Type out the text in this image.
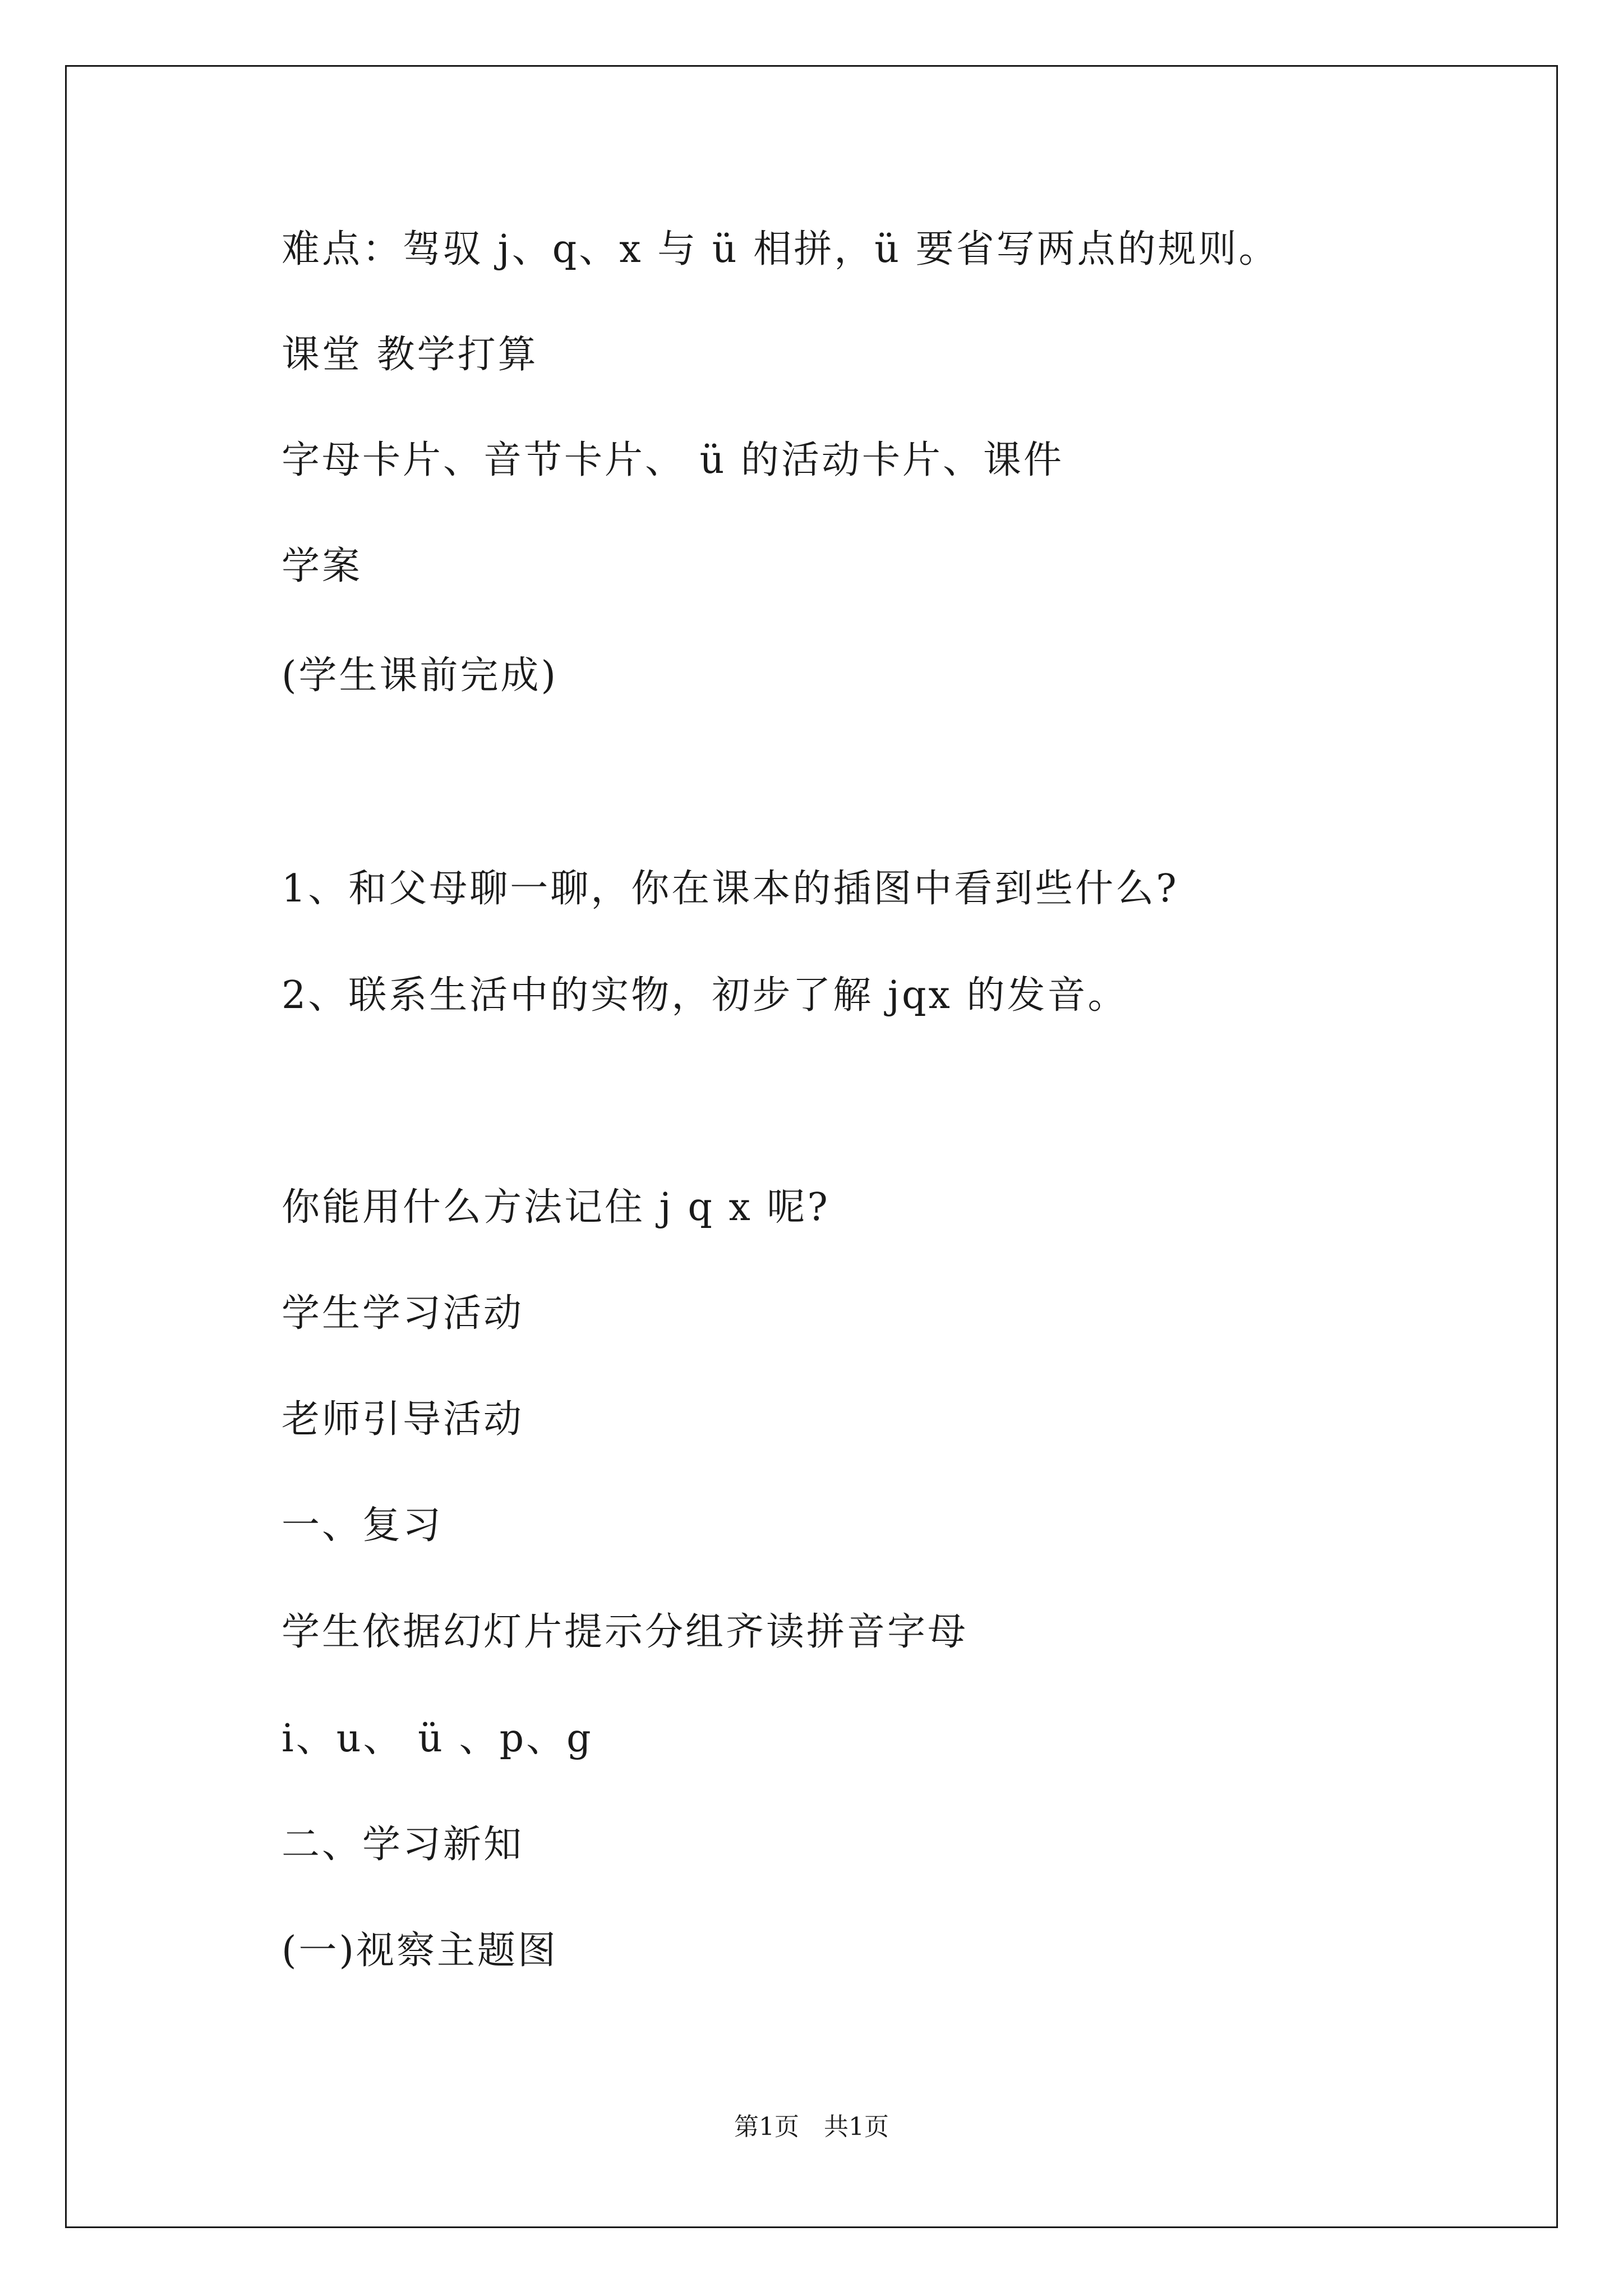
难点：驾驭 j、q、x 与 ü 相拼，ü 要省写两点的规则。
课堂 教学打算
字母卡片、音节卡片、 ü 的活动卡片、课件
学案
(学生课前完成)
1、和父母聊一聊，你在课本的插图中看到些什么?
2、联系生活中的实物，初步了解 jqx 的发音。
你能用什么方法记住 j q x 呢?
学生学习活动
老师引导活动
一、复习
学生依据幻灯片提示分组齐读拼音字母
i、u、 ü 、p、g
二、学习新知
(一)视察主题图
第1页　共1页
